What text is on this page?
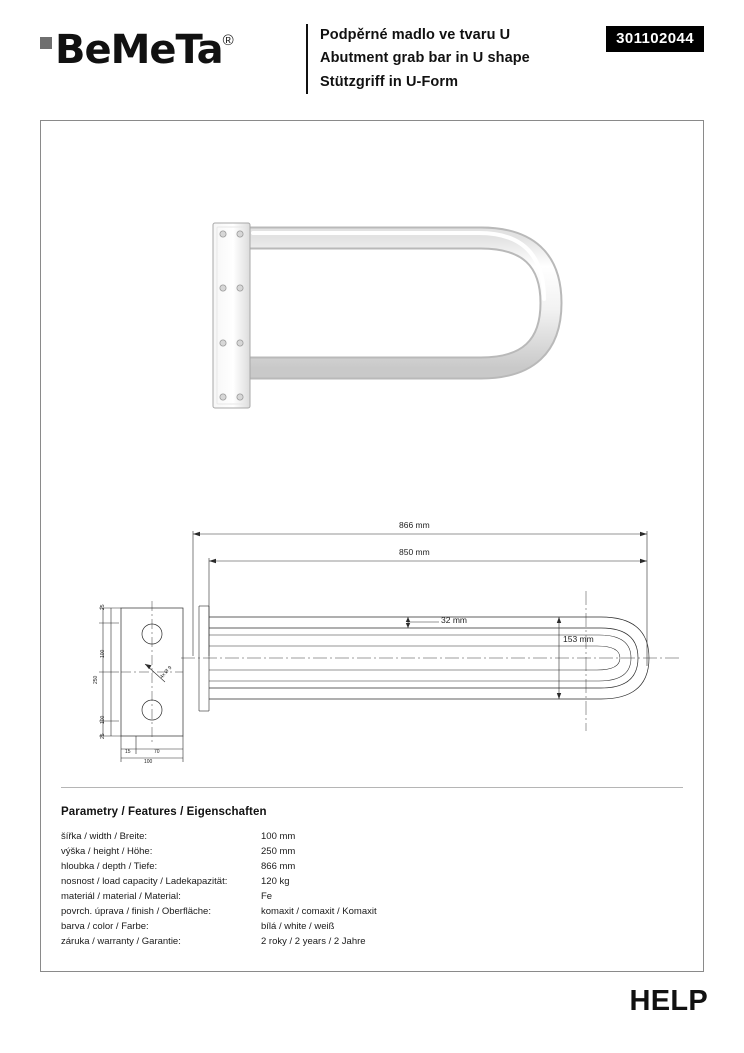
BeMeTa®	Podpěrné madlo ve tvaru U
Abutment grab bar in U shape
Stützgriff in U-Form
301102044
866 mm
850 mm
32 mm
153 mm
25
100
250
100
25
15	70
100
4x Ø 9
Parametry / Features / Eigenschaften
šířka / width / Breite:	100 mm
výška / height / Höhe:	250 mm
hloubka / depth / Tiefe:	866 mm
nosnost / load capacity / Ladekapazität:	120 kg
materiál / material / Material:	Fe
povrch. úprava / finish / Oberfläche:	komaxit / comaxit / Komaxit
barva / color / Farbe:	bílá / white / weiß
záruka / warranty / Garantie:	2 roky / 2 years / 2 Jahre
HELP
